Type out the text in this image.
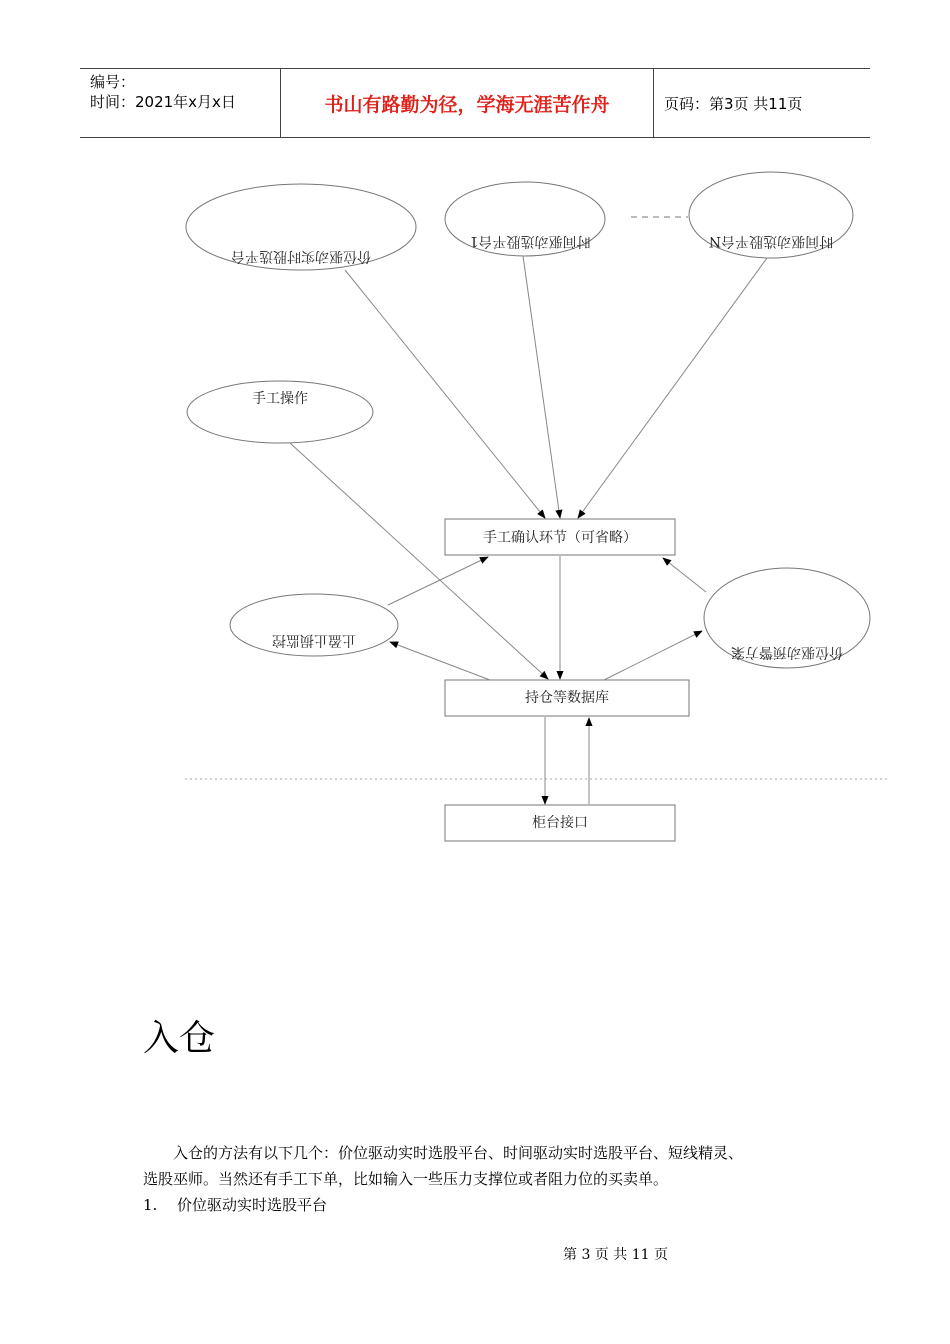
编号：
时间：2021年x月x日	书山有路勤为径，学海无涯苦作舟	页码：第3页 共11页
价位驱动实时股选平台
时间驱动选股平台1	时间驱动选股平台N
手工操作
手工确认环节（可省略）
止盈止损监控
价位驱动预警方案
持仓等数据库
柜台接口
入仓
入仓的方法有以下几个：价位驱动实时选股平台、时间驱动实时选股平台、短线精灵、
选股巫师。当然还有手工下单，比如输入一些压力支撑位或者阻力位的买卖单。
1. 价位驱动实时选股平台
第 3 页 共 11 页
